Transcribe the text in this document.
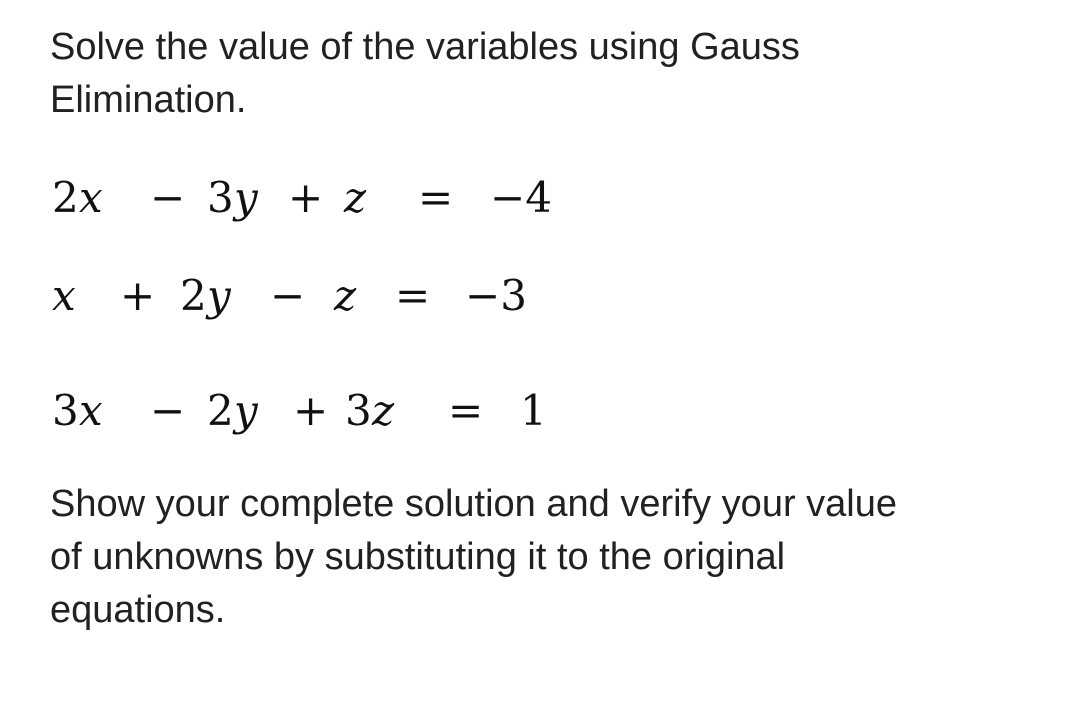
Solve the value of the variables using Gauss
Elimination.
2 x − 3 y + z = −4
x + 2 y − z = −3
3 x − 2 y + 3 z = 1
Show your complete solution and verify your value
of unknowns by substituting it to the original
equations.
